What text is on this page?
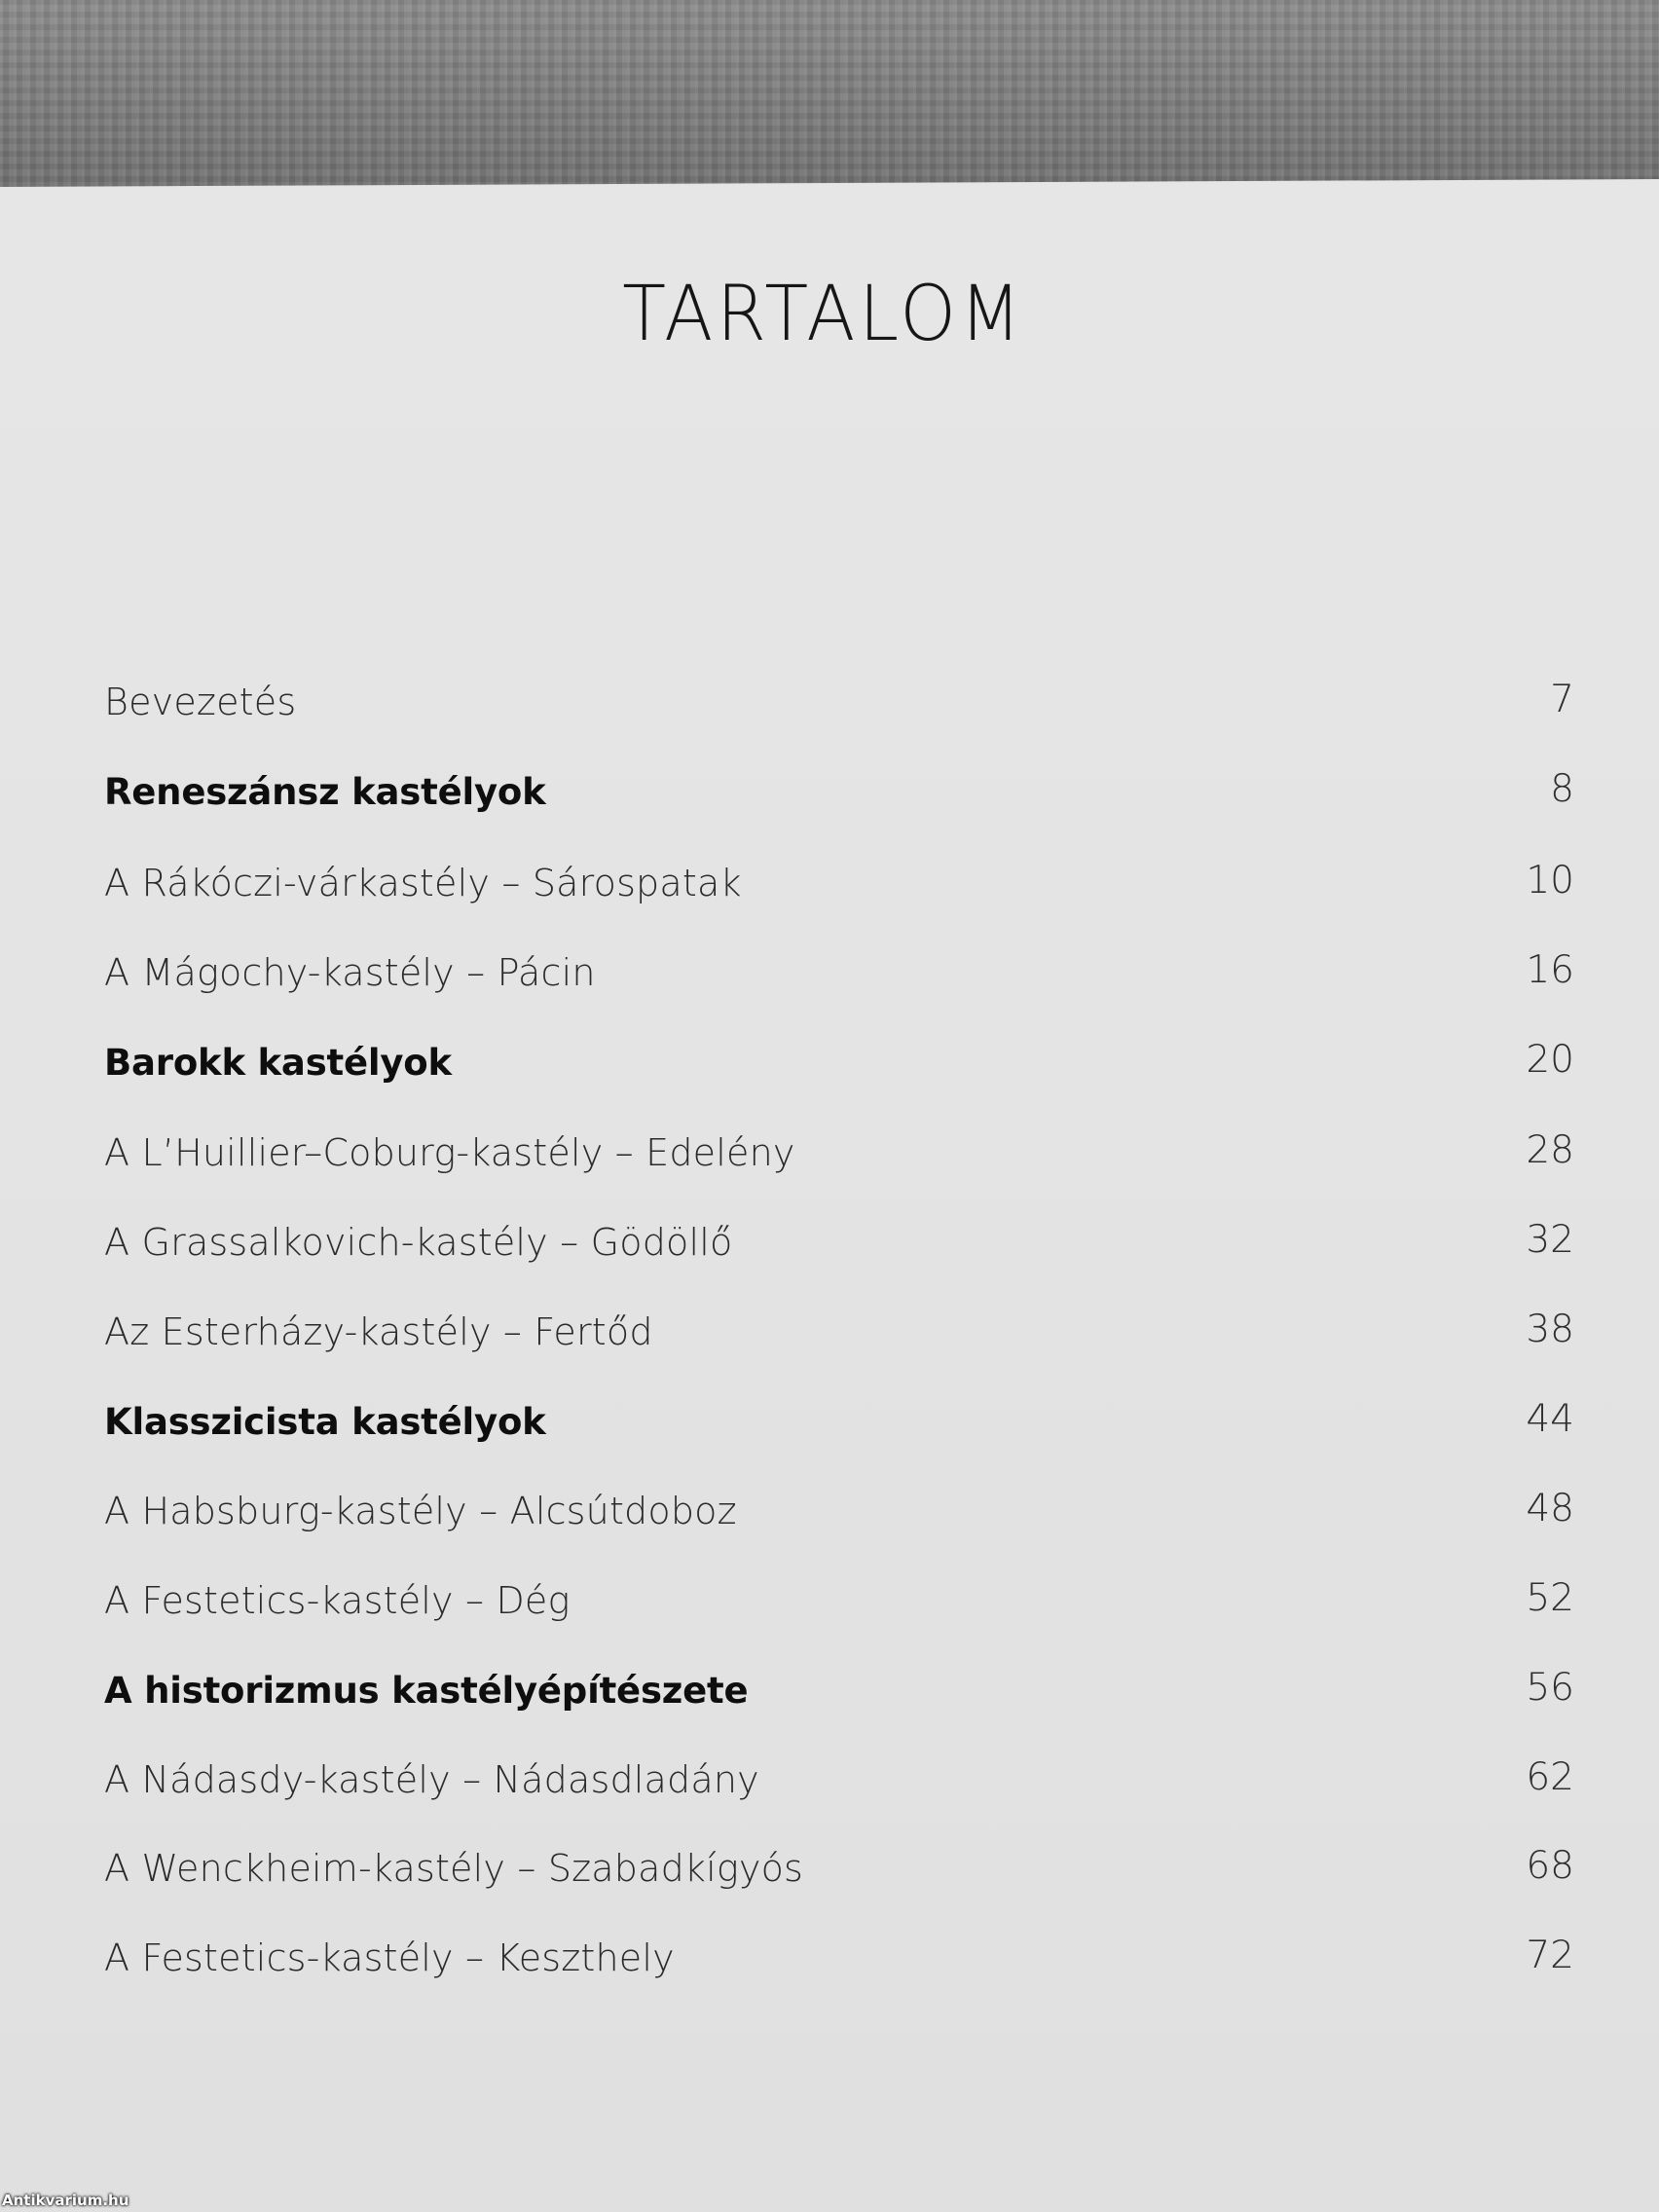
TARTALOM
Bevezetés	7
Reneszánsz kastélyok	8
A Rákóczi-várkastély – Sárospatak	10
A Mágochy-kastély – Pácin	16
Barokk kastélyok	20
A L’Huillier–Coburg-kastély – Edelény	28
A Grassalkovich-kastély – Gödöllő	32
Az Esterházy-kastély – Fertőd	38
Klasszicista kastélyok	44
A Habsburg-kastély – Alcsútdoboz	48
A Festetics-kastély – Dég	52
A historizmus kastélyépítészete	56
A Nádasdy-kastély – Nádasdladány	62
A Wenckheim-kastély – Szabadkígyós	68
A Festetics-kastély – Keszthely	72
Antikvarium.hu
